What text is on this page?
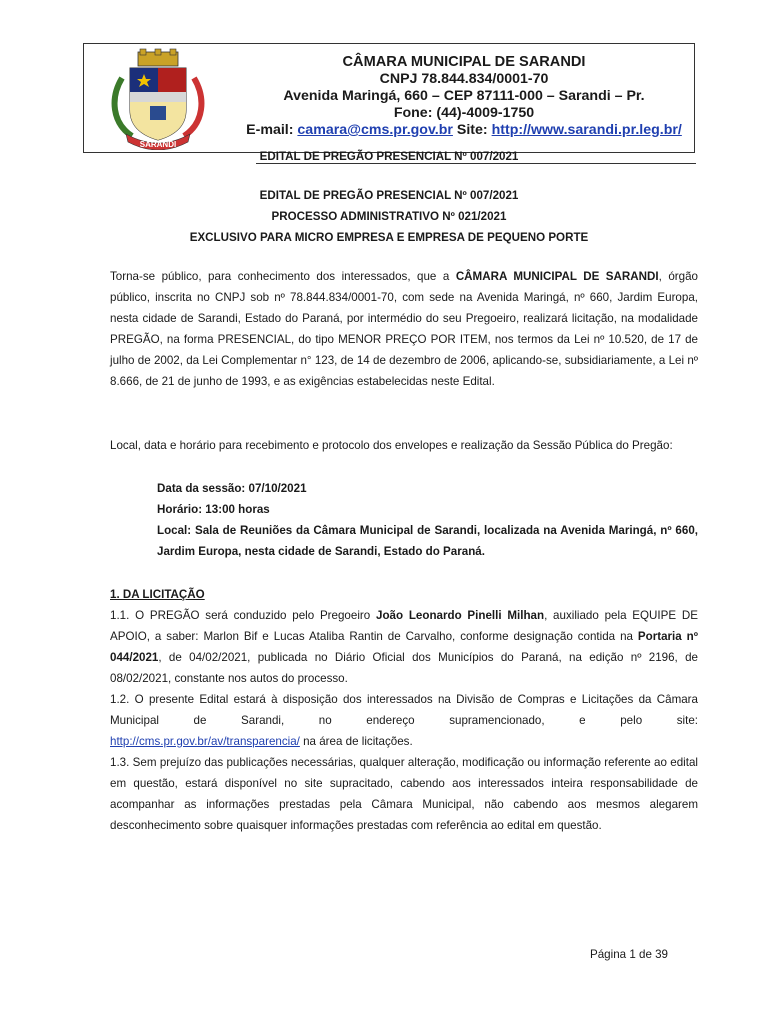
SARANDI
CÂMARA MUNICIPAL DE SARANDI
CNPJ 78.844.834/0001-70
Avenida Maringá, 660 – CEP 87111-000 – Sarandi – Pr.
Fone: (44)-4009-1750
E-mail: camara@cms.pr.gov.br Site: http://www.sarandi.pr.leg.br/
EDITAL DE PREGÃO PRESENCIAL Nº 007/2021
EDITAL DE PREGÃO PRESENCIAL Nº 007/2021
PROCESSO ADMINISTRATIVO Nº 021/2021
EXCLUSIVO PARA MICRO EMPRESA E EMPRESA DE PEQUENO PORTE
Torna-se público, para conhecimento dos interessados, que a CÂMARA MUNICIPAL DE SARANDI, órgão público, inscrita no CNPJ sob nº 78.844.834/0001-70, com sede na Avenida Maringá, nº 660, Jardim Europa, nesta cidade de Sarandi, Estado do Paraná, por intermédio do seu Pregoeiro, realizará licitação, na modalidade PREGÃO, na forma PRESENCIAL, do tipo MENOR PREÇO POR ITEM, nos termos da Lei nº 10.520, de 17 de julho de 2002, da Lei Complementar n° 123, de 14 de dezembro de 2006, aplicando-se, subsidiariamente, a Lei nº 8.666, de 21 de junho de 1993, e as exigências estabelecidas neste Edital.
Local, data e horário para recebimento e protocolo dos envelopes e realização da Sessão Pública do Pregão:
Data da sessão: 07/10/2021
Horário: 13:00 horas
Local: Sala de Reuniões da Câmara Municipal de Sarandi, localizada na Avenida Maringá, nº 660, Jardim Europa, nesta cidade de Sarandi, Estado do Paraná.

1. DA LICITAÇÃO

1.1. O PREGÃO será conduzido pelo Pregoeiro João Leonardo Pinelli Milhan, auxiliado pela EQUIPE DE APOIO, a saber: Marlon Bif e Lucas Ataliba Rantin de Carvalho, conforme designação contida na Portaria nº 044/2021, de 04/02/2021, publicada no Diário Oficial dos Municípios do Paraná, na edição nº 2196, de 08/02/2021, constante nos autos do processo.

1.2. O presente Edital estará à disposição dos interessados na Divisão de Compras e Licitações da Câmara Municipal de Sarandi, no endereço supramencionado, e pelo site:

http://cms.pr.gov.br/av/transparencia/ na área de licitações.

1.3. Sem prejuízo das publicações necessárias, qualquer alteração, modificação ou informação referente ao edital em questão, estará disponível no site supracitado, cabendo aos interessados inteira responsabilidade de acompanhar as informações prestadas pela Câmara Municipal, não cabendo aos mesmos alegarem desconhecimento sobre quaisquer informações prestadas com referência ao edital em questão.

Página 1 de 39
